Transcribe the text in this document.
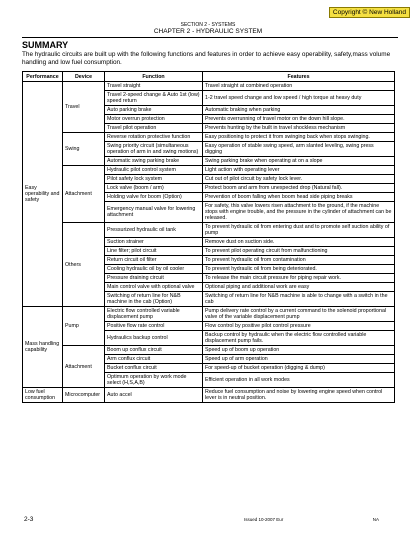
Copyright © New Holland
SECTION 2 - SYSTEMS
CHAPTER 2 - HYDRAULIC SYSTEM
SUMMARY
The hydraulic circuits are built up with the following functions and features in order to achieve easy operability, safety,mass volume handling and low fuel consumption.
Performance	Device	Function	Features
Easy operability and safety	Travel	Travel straight	Travel straight at combined operation
		Travel 2-speed change & Auto 1st (low) speed return	1-2 travel speed change and low speed / high torque at heavy duty
		Auto parking brake	Automatic braking when parking
		Motor overrun protection	Prevents overrunning of travel motor on the down hill slope.
		Travel pilot operation	Prevents hunting by the built in travel shockless mechanism
	Swing	Reverse rotation protective function	Easy positioning to protect it from swinging back when stops swinging.
		Swing priority circuit (simultaneous operation of arm in and swing motions)	Easy operation of stable swing speed, arm slanted leveling, swing press digging
		Automatic swing parking brake	Swing parking brake when operating at on a slope
	Attachment	Hydraulic pilot control system	Light action with operating lever
		Pilot safety lock system	Cut out of pilot circuit by safety lock lever.
		Lock valve (boom / arm)	Protect boom and arm from unexpected drop (Natural fall).
		Holding valve for boom (Option)	Prevention of boom falling when boom head side piping breaks
		Emergency manual valve for lowering attachment	For safety, this valve lowers risen attachment to the ground, if the machine stops with engine trouble, and the pressure in the cylinder of attachment can be released.
	Others	Pressurized hydraulic oil tank	To prevent hydraulic oil from entering dust and to promote self suction ability of pump
		Suction strainer	Remove dust on suction side.
		Line filter; pilot circuit	To prevent pilot operating circuit from malfunctioning
		Return circuit oil filter	To prevent hydraulic oil from contamination
		Cooling hydraulic oil by oil cooler	To prevent hydraulic oil from being deteriorated.
		Pressure draining circuit	To release the main circuit pressure for piping repair work.
		Main control valve with optional valve	Optional piping and additional work are easy
		Switching of return line for N&B machine in the cab (Option)	Switching of return line for N&B machine is able to change with a switch in the cab
Mass handling capability	Pump	Electric flow controlled variable displacement pump	Pump delivery rate control by a current command to the solenoid proportional valve of the variable displacement pump
		Positive flow rate control	Flow control by positive pilot control pressure
		Hydraulics backup control	Backup control by hydraulic when the electric flow controlled variable displacement pump fails.
	Attachment	Boom up conflux circuit	Speed up of boom up operation
		Arm conflux circuit	Speed up of arm operation
		Bucket conflux circuit	For speed-up of bucket operation (digging & dump)
		Optimum operation by work mode select (H,S,A,B)	Efficient operation in all work modes
Low fuel consumption	Microcomputer	Auto accel	Reduce fuel consumption and noise by lowering engine speed when control lever is in neutral position.
2-3	Issued 10-2007 Eur	NA
